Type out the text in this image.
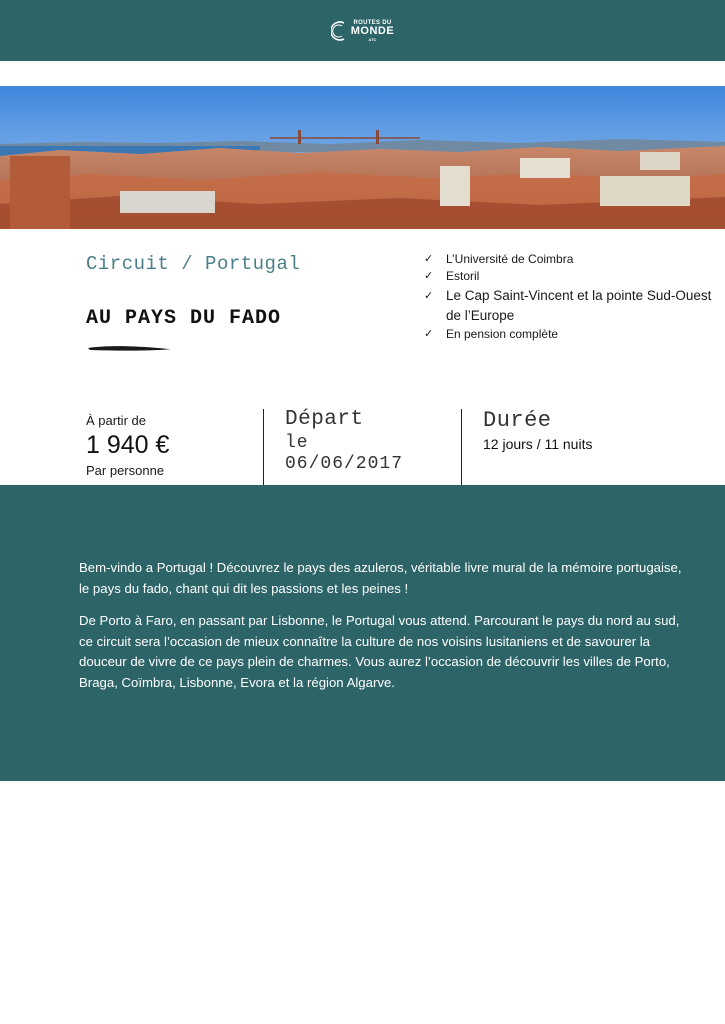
ROUTES DU
MONDE
ATC
Circuit / Portugal
AU PAYS DU FADO
✓ L’Université de Coimbra
✓ Estoril
✓ Le Cap Saint-Vincent et la pointe Sud-Ouest de l’Europe
✓ En pension complète
À partir de
1 940 €
Par personne
Départ
le 06/06/2017
Durée
12 jours / 11 nuits

Bem-vindo a Portugal ! Découvrez le pays des azuleros, véritable livre mural de la mémoire portugaise, le pays du fado, chant qui dit les passions et les peines !

De Porto à Faro, en passant par Lisbonne, le Portugal vous attend. Parcourant le pays du nord au sud, ce circuit sera l’occasion de mieux connaître la culture de nos voisins lusitaniens et de savourer la douceur de vivre de ce pays plein de charmes. Vous aurez l’occasion de découvrir les villes de Porto, Braga, Coïmbra, Lisbonne, Evora et la région Algarve.
